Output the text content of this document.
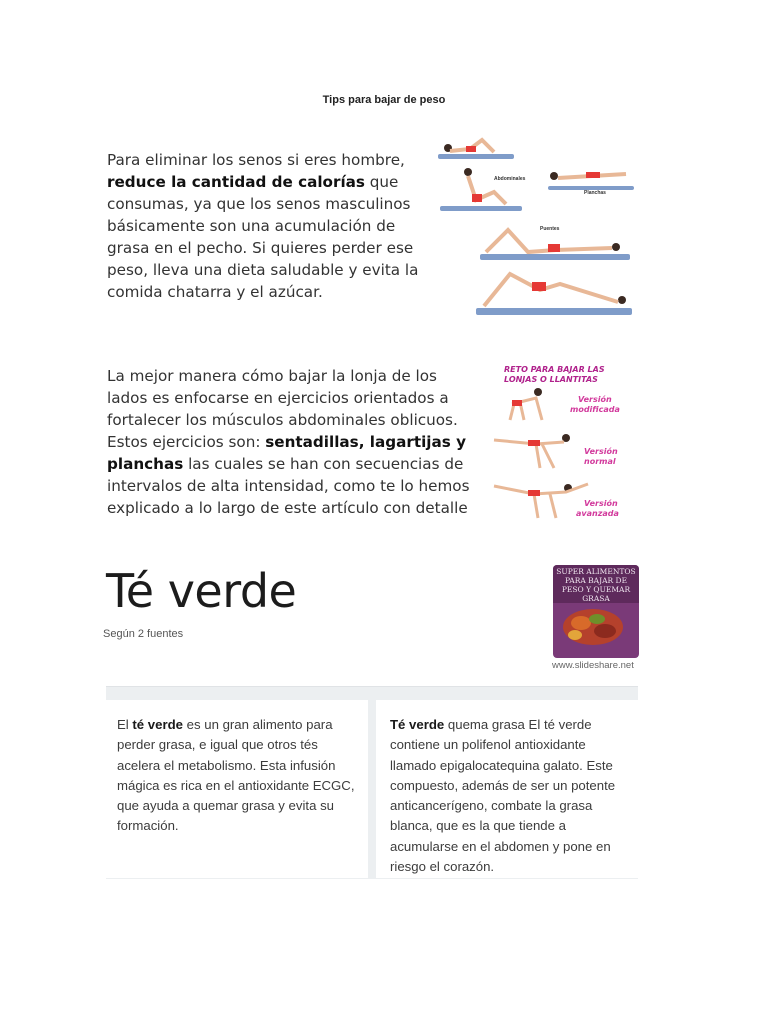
Tips para bajar de peso
Para eliminar los senos si eres hombre, reduce la cantidad de calorías que consumas, ya que los senos masculinos básicamente son una acumulación de grasa en el pecho. Si quieres perder ese peso, lleva una dieta saludable y evita la comida chatarra y el azúcar.
Abdominales
Planchas
Puentes
La mejor manera cómo bajar la lonja de los lados es enfocarse en ejercicios orientados a fortalecer los músculos abdominales oblicuos. Estos ejercicios son: sentadillas, lagartijas y planchas las cuales se han con secuencias de intervalos de alta intensidad, como te lo hemos explicado a lo largo de este artículo con detalle
RETO PARA BAJAR LAS
LONJAS O LLANTITAS
Versión
modificada
Versión
normal
Versión
avanzada
Té verde
Según 2 fuentes
SUPER ALIMENTOS
PARA BAJAR DE
PESO Y QUEMAR
GRASA
www.slideshare.net
El té verde es un gran alimento para perder grasa, e igual que otros tés acelera el metabolismo. Esta infusión mágica es rica en el antioxidante ECGC, que ayuda a quemar grasa y evita su formación.
Té verde quema grasa El té verde contiene un polifenol antioxidante llamado epigalocatequina galato. Este compuesto, además de ser un potente anticancerígeno, combate la grasa blanca, que es la que tiende a acumularse en el abdomen y pone en riesgo el corazón.
